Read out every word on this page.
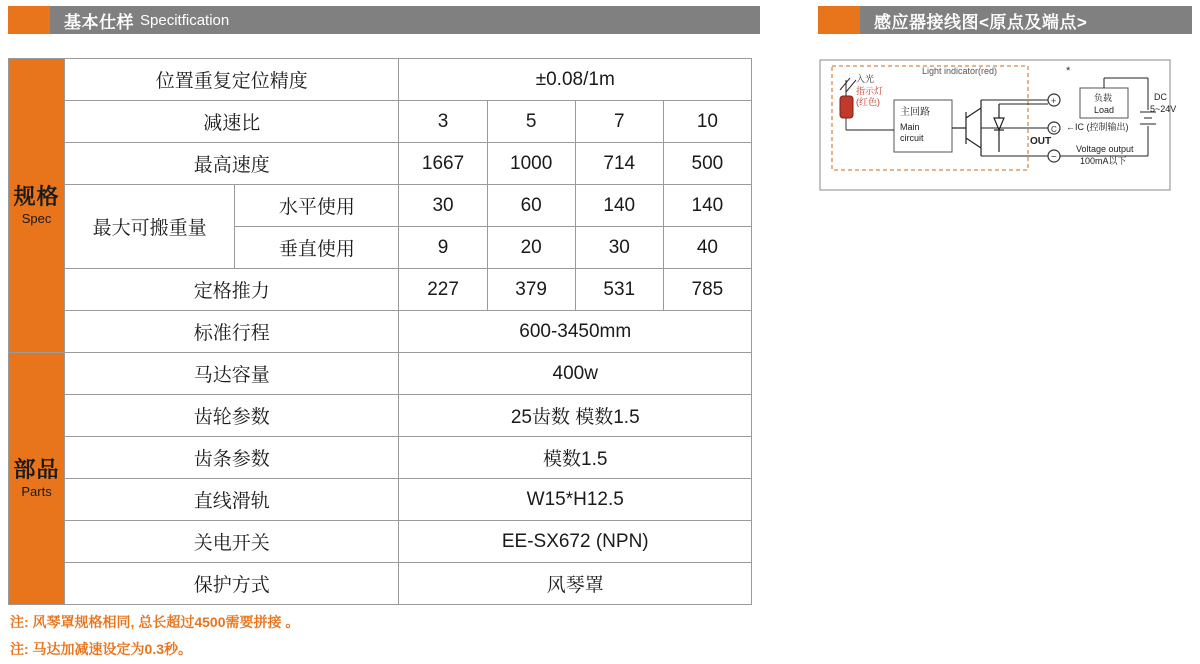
基本仕样 Specitfication	感应器接线图<原点及端点>
规格
Spec	位置重复定位精度		±0.08/1m			
	减速比		3	5	7	10
	最高速度		1667	1000	714	500
	最大可搬重量	水平使用	30	60	140	140
		垂直使用	9	20	30	40
	定格推力		227	379	531	785
	标准行程		600-3450mm			

部品
Parts	马达容量		400w			
	齿轮参数		25齿数 模数1.5			
	齿条参数		模数1.5			
	直线滑轨		W15*H12.5			
	关电开关		EE-SX672 (NPN)			
	保护方式		风琴罩			
注: 风琴罩规格相同, 总长超过4500需要拼接 。
注: 马达加减速设定为0.3秒。
入光
指示灯
(红色)
Light indicator(red)
主回路
Main
circuit
+
C
−
*
负载
Load
OUT
←IC (控制输出)
Voltage output
100mA以下
DC
5~24V
